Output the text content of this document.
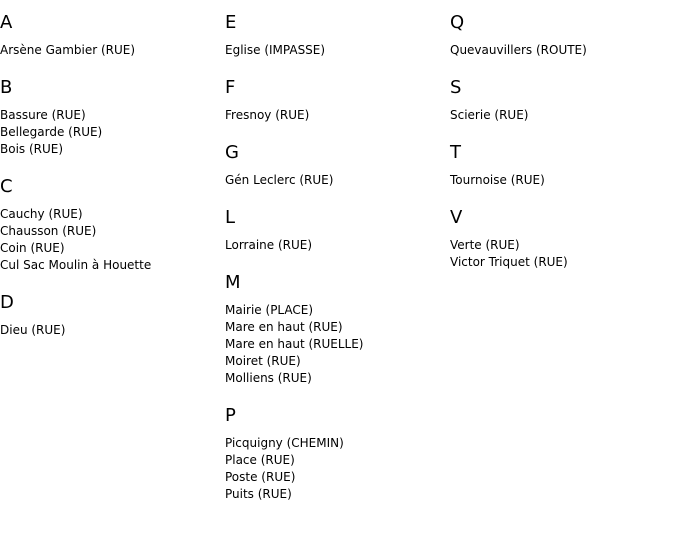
A
Arsène Gambier (RUE)
B
Bassure (RUE)
Bellegarde (RUE)
Bois (RUE)
C
Cauchy (RUE)
Chausson (RUE)
Coin (RUE)
Cul Sac Moulin à Houette
D
Dieu (RUE)
E
Eglise (IMPASSE)
F
Fresnoy (RUE)
G
Gén Leclerc (RUE)
L
Lorraine (RUE)
M
Mairie (PLACE)
Mare en haut (RUE)
Mare en haut (RUELLE)
Moiret (RUE)
Molliens (RUE)
P
Picquigny (CHEMIN)
Place (RUE)
Poste (RUE)
Puits (RUE)
Q
Quevauvillers (ROUTE)
S
Scierie (RUE)
T
Tournoise (RUE)
V
Verte (RUE)
Victor Triquet (RUE)
